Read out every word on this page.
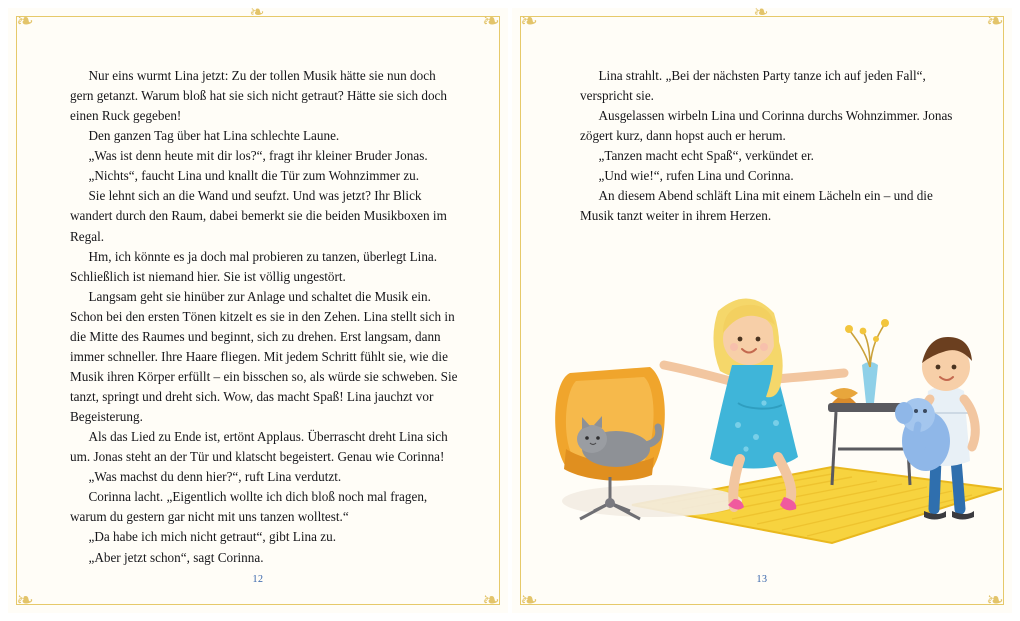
❧	❧
❧	❧
❧

Nur eins wurmt Lina jetzt: Zu der tollen Musik hätte sie nun doch gern getanzt. Warum bloß hat sie sich nicht getraut? Hätte sie sich doch einen Ruck gegeben!

Den ganzen Tag über hat Lina schlechte Laune.

„Was ist denn heute mit dir los?“, fragt ihr kleiner Bruder Jonas.

„Nichts“, faucht Lina und knallt die Tür zum Wohnzimmer zu.

Sie lehnt sich an die Wand und seufzt. Und was jetzt? Ihr Blick wandert durch den Raum, dabei bemerkt sie die beiden Musikboxen im Regal.

Hm, ich könnte es ja doch mal probieren zu tanzen, überlegt Lina. Schließlich ist niemand hier. Sie ist völlig ungestört.

Langsam geht sie hinüber zur Anlage und schaltet die Musik ein. Schon bei den ersten Tönen kitzelt es sie in den Zehen. Lina stellt sich in die Mitte des Raumes und beginnt, sich zu drehen. Erst langsam, dann immer schneller. Ihre Haare fliegen. Mit jedem Schritt fühlt sie, wie die Musik ihren Körper erfüllt – ein bisschen so, als würde sie schweben. Sie tanzt, springt und dreht sich. Wow, das macht Spaß! Lina jauchzt vor Begeisterung.

Als das Lied zu Ende ist, ertönt Applaus. Überrascht dreht Lina sich um. Jonas steht an der Tür und klatscht begeistert. Genau wie Corinna!

„Was machst du denn hier?“, ruft Lina verdutzt.

Corinna lacht. „Eigentlich wollte ich dich bloß noch mal fragen, warum du gestern gar nicht mit uns tanzen wolltest.“

„Da habe ich mich nicht getraut“, gibt Lina zu.

„Aber jetzt schon“, sagt Corinna.

12
❧	❧
❧	❧
❧

Lina strahlt. „Bei der nächsten Party tanze ich auf jeden Fall“, verspricht sie.

Ausgelassen wirbeln Lina und Corinna durchs Wohnzimmer. Jonas zögert kurz, dann hopst auch er herum.

„Tanzen macht echt Spaß“, verkündet er.

„Und wie!“, rufen Lina und Corinna.

An diesem Abend schläft Lina mit einem Lächeln ein – und die Musik tanzt weiter in ihrem Herzen.

13
